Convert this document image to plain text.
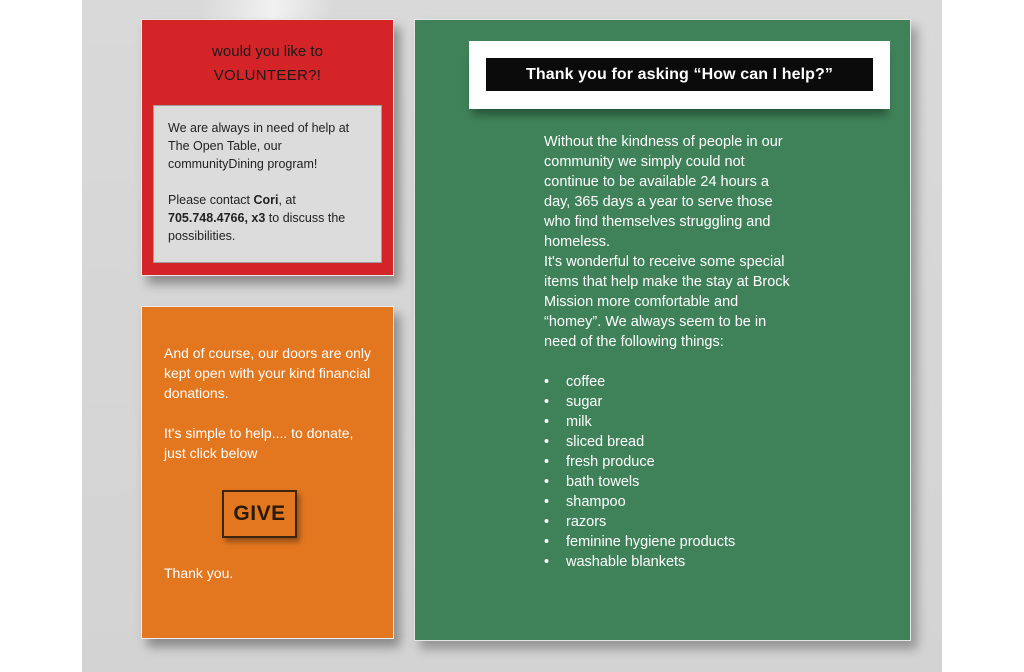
would you like to
VOLUNTEER?!

We are always in need of help at The Open Table, our communityDining program!

Please contact Cori, at
705.748.4766, x3 to discuss the possibilities.

And of course, our doors are only kept open with your kind financial donations.

It's simple to help.... to donate, just click below

GIVE
Thank you.
Thank you for asking “How can I help?”

Without the kindness of people in our community we simply could not continue to be available 24 hours a day, 365 days a year to serve those who find themselves struggling and homeless.

It's wonderful to receive some special items that help make the stay at Brock Mission more comfortable and “homey”. We always seem to be in need of the following things:

• coffee
• sugar
• milk
• sliced bread
• fresh produce
• bath towels
• shampoo
• razors
• feminine hygiene products
• washable blankets
